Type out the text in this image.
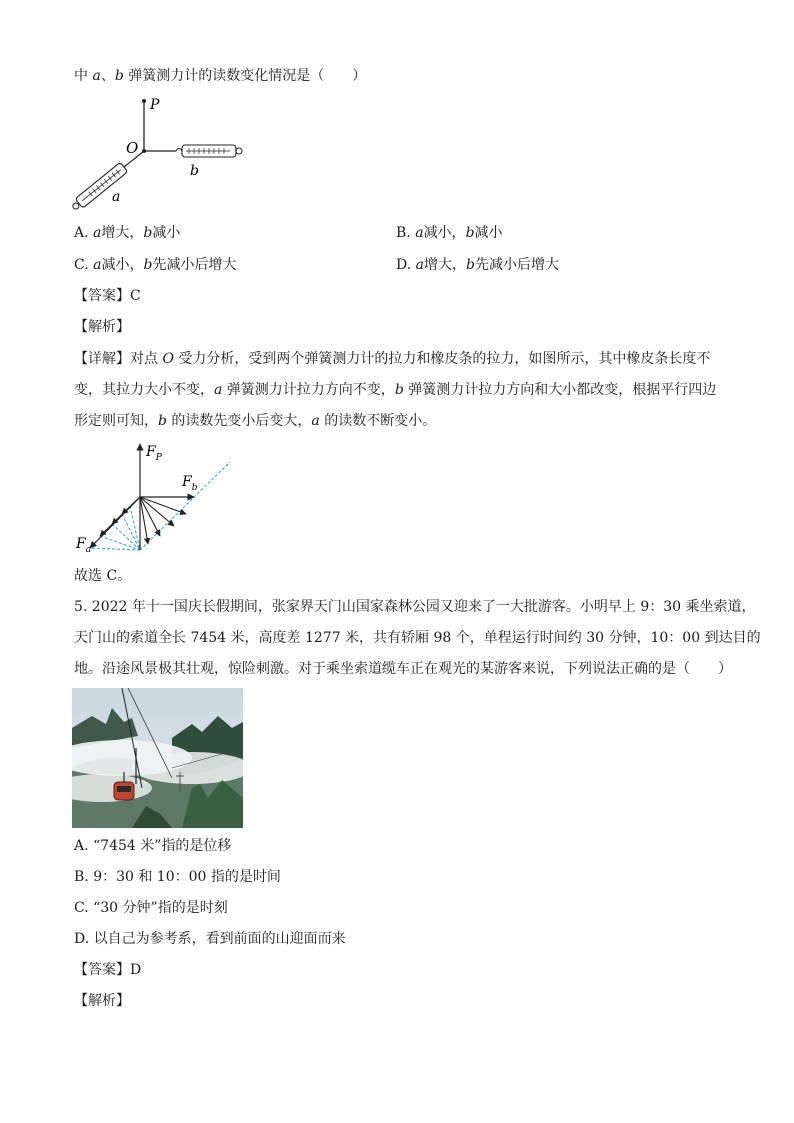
中 a、b 弹簧测力计的读数变化情况是（　　）
P
O
b
a
A. a增大，b减小	B. a减小，b减小
C. a减小，b先减小后增大	D. a增大，b先减小后增大
【答案】C
【解析】
【详解】对点 O 受力分析，受到两个弹簧测力计的拉力和橡皮条的拉力，如图所示，其中橡皮条长度不
变，其拉力大小不变，a 弹簧测力计拉力方向不变，b 弹簧测力计拉力方向和大小都改变，根据平行四边
形定则可知，b 的读数先变小后变大，a 的读数不断变小。
$F_P$
$F_b$
$F_a$
故选 C。
5. 2022 年十一国庆长假期间，张家界天门山国家森林公园又迎来了一大批游客。小明早上 9：30 乘坐索道，
天门山的索道全长 7454 米，高度差 1277 米，共有轿厢 98 个，单程运行时间约 30 分钟，10：00 到达目的
地。沿途风景极其壮观，惊险刺激。对于乘坐索道缆车正在观光的某游客来说，下列说法正确的是（　　）
A. “7454 米”指的是位移
B. 9：30 和 10：00 指的是时间
C. “30 分钟”指的是时刻
D. 以自己为参考系，看到前面的山迎面而来
【答案】D
【解析】
